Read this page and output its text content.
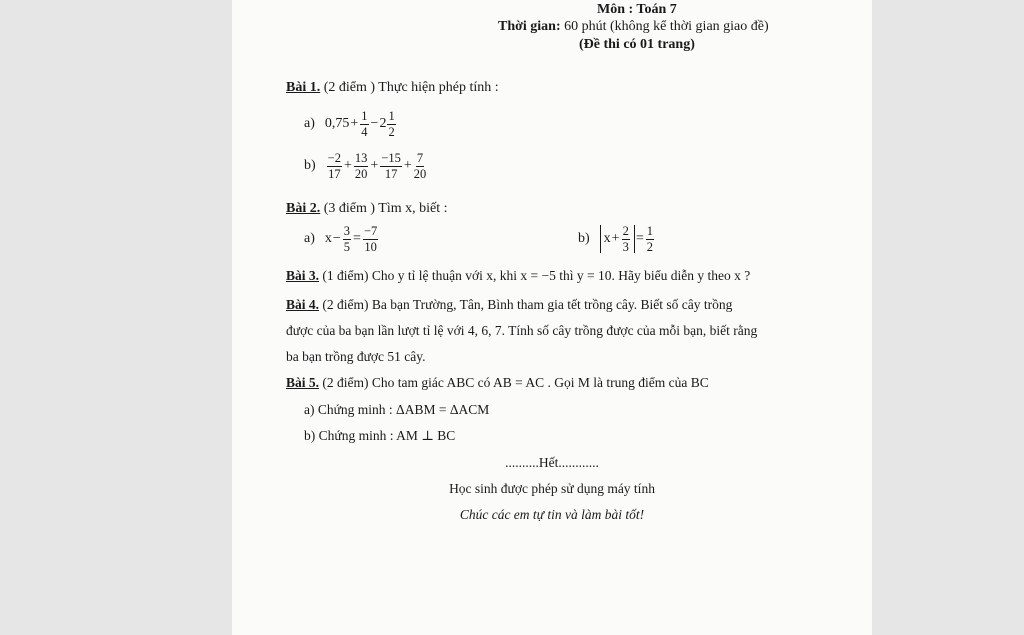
Môn : Toán 7
Thời gian: 60 phút (không kể thời gian giao đề)
(Đề thi có 01 trang)
Bài 1. (2 điểm ) Thực hiện phép tính :
a) $0,75 + \frac{1}{4} - 2 \frac{1}{2}$
$b) \frac{-2}{17} + \frac{13}{20} + \frac{-15}{17} + \frac{7}{20}$
Bài 2. (3 điểm ) Tìm x, biết :
a) $x - \frac{3}{5} = \frac{-7}{10}$	b) $x + \frac{2}{3} = \frac{1}{2}$
Bài 3. (1 điểm) Cho y tỉ lệ thuận với x, khi x = −5 thì y = 10. Hãy biểu diễn y theo x ?
Bài 4. (2 điểm) Ba bạn Trường, Tân, Bình tham gia tết trồng cây. Biết số cây trồng
được của ba bạn lần lượt tỉ lệ với 4, 6, 7. Tính số cây trồng được của mỗi bạn, biết rằng
ba bạn trồng được 51 cây.
Bài 5. (2 điểm) Cho tam giác ABC có AB = AC . Gọi M là trung điểm của BC
a) Chứng minh : ΔABM = ΔACM
b) Chứng minh : AM ⊥ BC
..........Hết............
Học sinh được phép sử dụng máy tính
Chúc các em tự tin và làm bài tốt!
